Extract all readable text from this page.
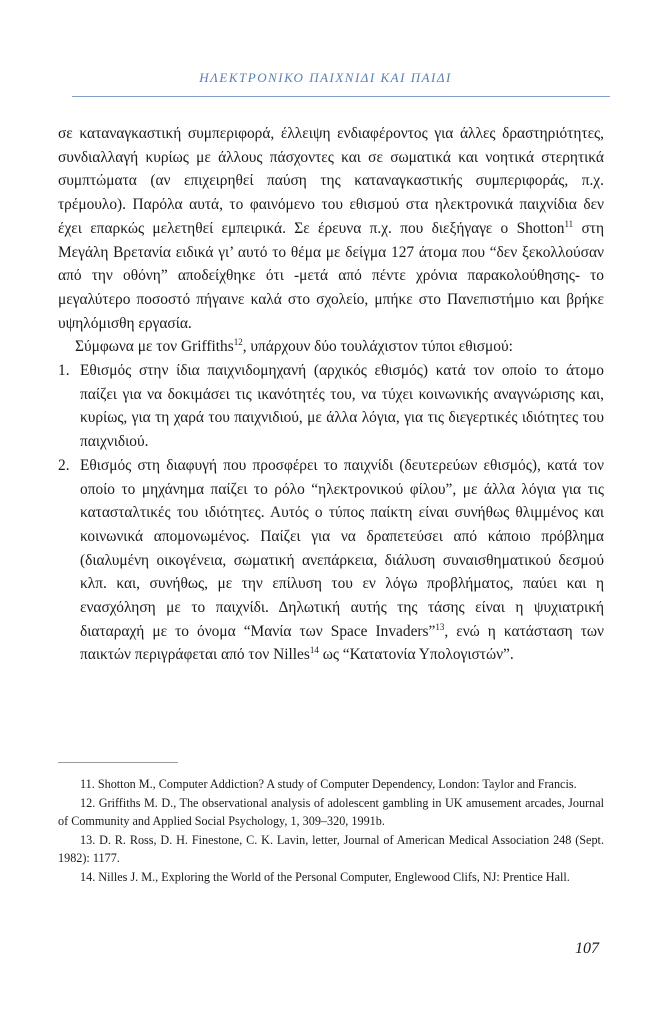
ΗΛΕΚΤΡΟΝΙΚΟ ΠΑΙΧΝΙΔΙ ΚΑΙ ΠΑΙΔΙ

σε καταναγκαστική συμπεριφορά, έλλειψη ενδιαφέροντος για άλλες δραστηριότητες, συνδιαλλαγή κυρίως με άλλους πάσχοντες και σε σωματικά και νοητικά στερητικά συμπτώματα (αν επιχειρηθεί παύση της καταναγκαστικής συμπεριφοράς, π.χ. τρέμουλο). Παρόλα αυτά, το φαινόμενο του εθισμού στα ηλεκτρονικά παιχνίδια δεν έχει επαρκώς μελετηθεί εμπειρικά. Σε έρευνα π.χ. που διεξήγαγε ο Shotton$^{11}$ στη Μεγάλη Βρετανία ειδικά γι’ αυτό το θέμα με δείγμα 127 άτομα που “δεν ξεκολλούσαν από την οθόνη” αποδείχθηκε ότι -μετά από πέντε χρόνια παρακολούθησης- το μεγαλύτερο ποσοστό πήγαινε καλά στο σχολείο, μπήκε στο Πανεπιστήμιο και βρήκε υψηλόμισθη εργασία.

Σύμφωνα με τον Griffiths$^{12}$, υπάρχουν δύο τουλάχιστον τύποι εθισμού:

1. Εθισμός στην ίδια παιχνιδομηχανή (αρχικός εθισμός) κατά τον οποίο το άτομο παίζει για να δοκιμάσει τις ικανότητές του, να τύχει κοινωνικής αναγνώρισης και, κυρίως, για τη χαρά του παιχνιδιού, με άλλα λόγια, για τις διεγερτικές ιδιότητες του παιχνιδιού.
2. Εθισμός στη διαφυγή που προσφέρει το παιχνίδι (δευτερεύων εθισμός), κατά τον οποίο το μηχάνημα παίζει το ρόλο “ηλεκτρονικού φίλου”, με άλλα λόγια για τις κατασταλτικές του ιδιότητες. Αυτός ο τύπος παίκτη είναι συνήθως θλιμμένος και κοινωνικά απομονωμένος. Παίζει για να δραπετεύσει από κάποιο πρόβλημα (διαλυμένη οικογένεια, σωματική ανεπάρκεια, διάλυση συναισθηματικού δεσμού κλπ. και, συνήθως, με την επίλυση του εν λόγω προβλήματος, παύει και η ενασχόληση με το παιχνίδι. Δηλωτική αυτής της τάσης είναι η ψυχιατρική διαταραχή με το όνομα “Μανία των Space Invaders”$^{13}$, ενώ η κατάσταση των παικτών περιγράφεται από τον Nilles$^{14}$ ως “Κατατονία Υπολογιστών”.

11. Shotton M., Computer Addiction? A study of Computer Dependency, London: Taylor and Francis.

12. Griffiths M. D., The observational analysis of adolescent gambling in UK amusement arcades, Journal of Community and Applied Social Psychology, 1, 309–320, 1991b.

13. D. R. Ross, D. H. Finestone, C. K. Lavin, letter, Journal of American Medical Association 248 (Sept. 1982): 1177.

14. Nilles J. M., Exploring the World of the Personal Computer, Englewood Clifs, NJ: Prentice Hall.

107
